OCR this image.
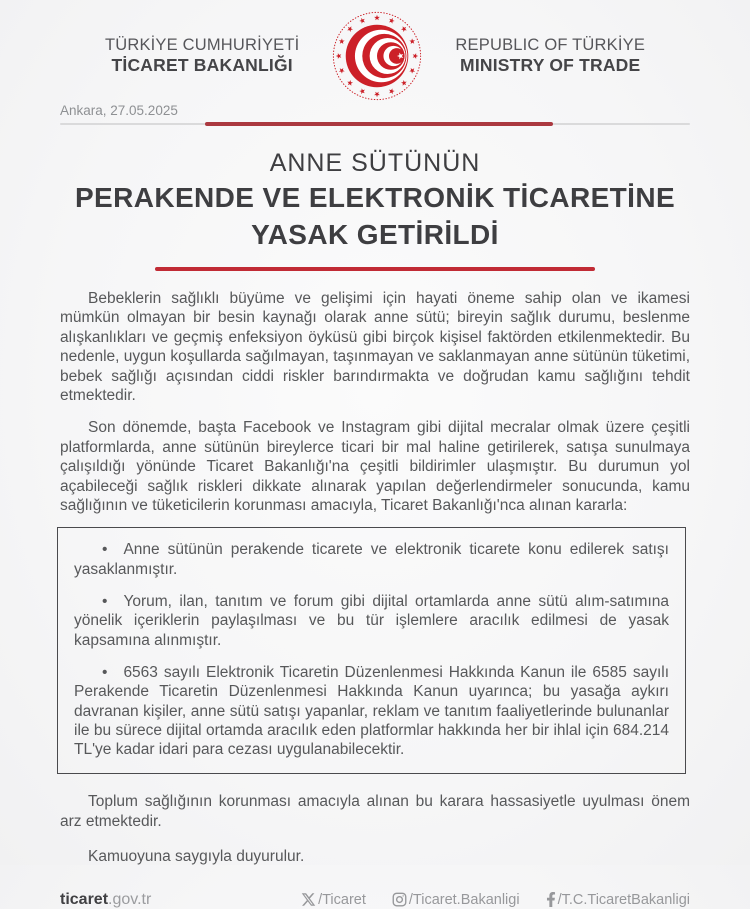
TÜRKİYE CUMHURİYETİ
TİCARET BAKANLIĞI
REPUBLIC OF TÜRKİYE
MINISTRY OF TRADE
Ankara, 27.05.2025
ANNE SÜTÜNÜN
PERAKENDE VE ELEKTRONİK TİCARETİNE
YASAK GETİRİLDİ

Bebeklerin sağlıklı büyüme ve gelişimi için hayati öneme sahip olan ve ikamesi mümkün olmayan bir besin kaynağı olarak anne sütü; bireyin sağlık durumu, beslenme alışkanlıkları ve geçmiş enfeksiyon öyküsü gibi birçok kişisel faktörden etkilenmektedir. Bu nedenle, uygun koşullarda sağılmayan, taşınmayan ve saklanmayan anne sütünün tüketimi, bebek sağlığı açısından ciddi riskler barındırmakta ve doğrudan kamu sağlığını tehdit etmektedir.

Son dönemde, başta Facebook ve Instagram gibi dijital mecralar olmak üzere çeşitli platformlarda, anne sütünün bireylerce ticari bir mal haline getirilerek, satışa sunulmaya çalışıldığı yönünde Ticaret Bakanlığı'na çeşitli bildirimler ulaşmıştır. Bu durumun yol açabileceği sağlık riskleri dikkate alınarak yapılan değerlendirmeler sonucunda, kamu sağlığının ve tüketicilerin korunması amacıyla, Ticaret Bakanlığı'nca alınan kararla:

• Anne sütünün perakende ticarete ve elektronik ticarete konu edilerek satışı yasaklanmıştır.

• Yorum, ilan, tanıtım ve forum gibi dijital ortamlarda anne sütü alım-satımına yönelik içeriklerin paylaşılması ve bu tür işlemlere aracılık edilmesi de yasak kapsamına alınmıştır.

• 6563 sayılı Elektronik Ticaretin Düzenlenmesi Hakkında Kanun ile 6585 sayılı Perakende Ticaretin Düzenlenmesi Hakkında Kanun uyarınca; bu yasağa aykırı davranan kişiler, anne sütü satışı yapanlar, reklam ve tanıtım faaliyetlerinde bulunanlar ile bu sürece dijital ortamda aracılık eden platformlar hakkında her bir ihlal için 684.214 TL'ye kadar idari para cezası uygulanabilecektir.

Toplum sağlığının korunması amacıyla alınan bu karara hassasiyetle uyulması önem arz etmektedir.

Kamuoyuna saygıyla duyurulur.

ticaret.gov.tr	/Ticaret	/Ticaret.Bakanligi	/T.C.TicaretBakanligi
